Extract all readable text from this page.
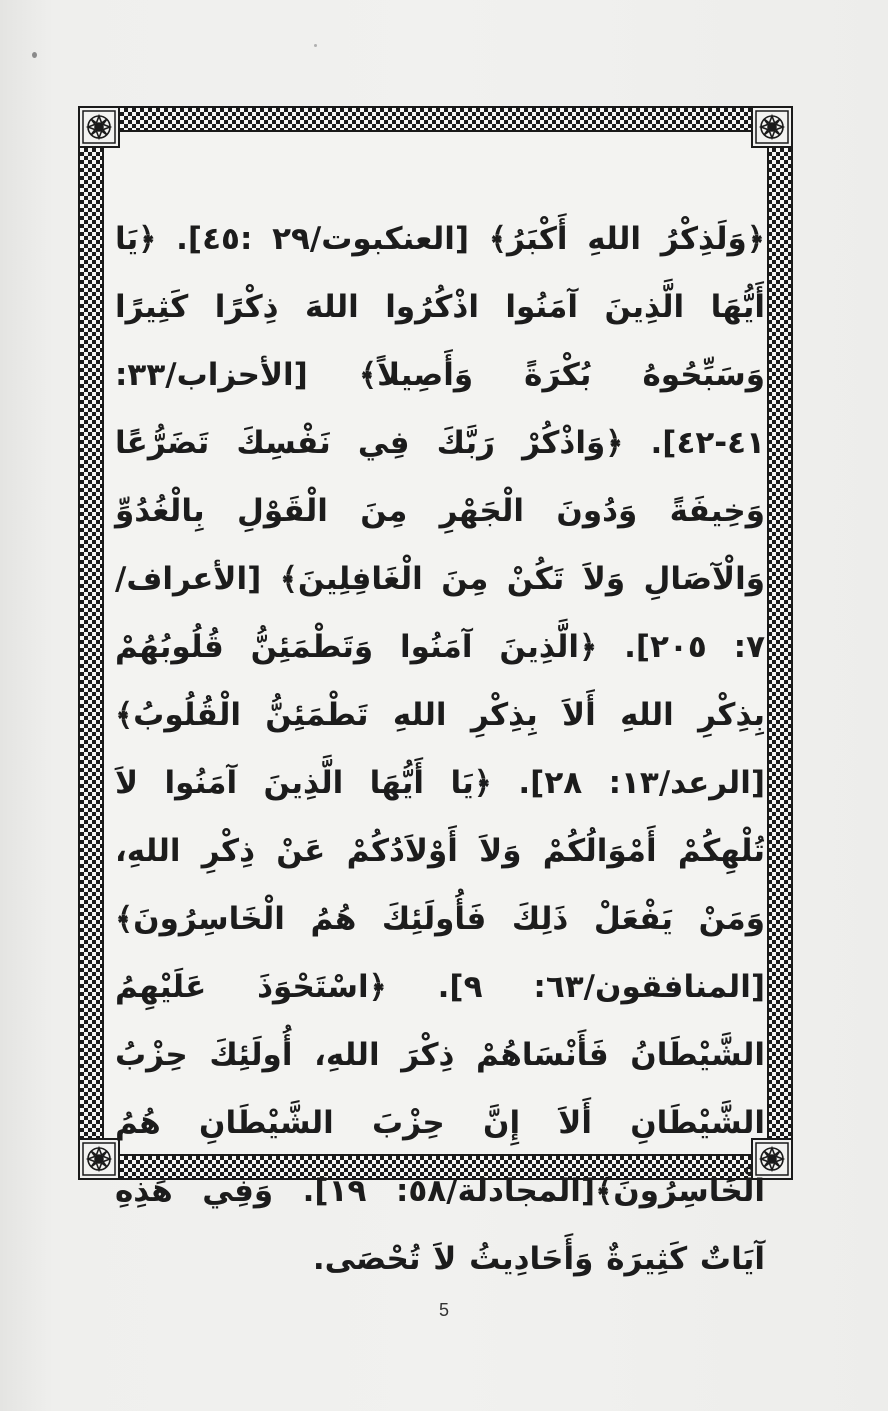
﴿وَلَذِكْرُ اللهِ أَكْبَرُ﴾ [العنكبوت/٢٩ :٤٥]. ﴿يَا أَيُّهَا الَّذِينَ آمَنُوا اذْكُرُوا اللهَ ذِكْرًا كَثِيرًا وَسَبِّحُوهُ بُكْرَةً وَأَصِيلاً﴾ [الأحزاب/٣٣: ٤١-٤٢]. ﴿وَاذْكُرْ رَبَّكَ فِي نَفْسِكَ تَضَرُّعًا وَخِيفَةً وَدُونَ الْجَهْرِ مِنَ الْقَوْلِ بِالْغُدُوِّ وَالْآصَالِ وَلاَ تَكُنْ مِنَ الْغَافِلِينَ﴾ [الأعراف/٧: ٢٠٥]. ﴿الَّذِينَ آمَنُوا وَتَطْمَئِنُّ قُلُوبُهُمْ بِذِكْرِ اللهِ أَلاَ بِذِكْرِ اللهِ تَطْمَئِنُّ الْقُلُوبُ﴾ [الرعد/١٣: ٢٨]. ﴿يَا أَيُّهَا الَّذِينَ آمَنُوا لاَ تُلْهِكُمْ أَمْوَالُكُمْ وَلاَ أَوْلاَدُكُمْ عَنْ ذِكْرِ اللهِ، وَمَنْ يَفْعَلْ ذَلِكَ فَأُولَئِكَ هُمُ الْخَاسِرُونَ﴾ [المنافقون/٦٣: ٩]. ﴿اسْتَحْوَذَ عَلَيْهِمُ الشَّيْطَانُ فَأَنْسَاهُمْ ذِكْرَ اللهِ، أُولَئِكَ حِزْبُ الشَّيْطَانِ أَلاَ إِنَّ حِزْبَ الشَّيْطَانِ هُمُ الْخَاسِرُونَ﴾[المجادلة/٥٨: ١٩]. وَفِي هَذِهِ آيَاتٌ كَثِيرَةٌ وَأَحَادِيثُ لاَ تُحْصَى.

5
